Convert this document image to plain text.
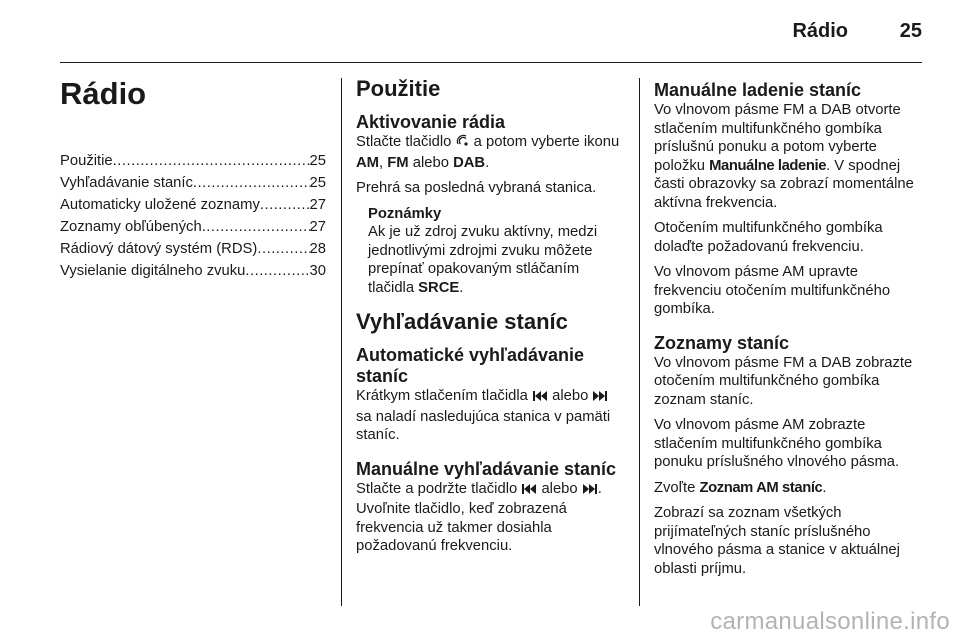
Rádio	25
Rádio
Použitie .....	25
Vyhľadávanie staníc .....	25
Automaticky uložené zoznamy .....	27
Zoznamy obľúbených .....	27
Rádiový dátový systém (RDS) .....	28
Vysielanie digitálneho zvuku .....	30
Použitie
Aktivovanie rádia

Stlačte tlačidlo  a potom vyberte ikonu AM, FM alebo DAB.

Prehrá sa posledná vybraná stanica.

Poznámky

Ak je už zdroj zvuku aktívny, medzi jednotlivými zdrojmi zvuku môžete prepínať opakovaným stláčaním tlačidla SRCE.

Vyhľadávanie staníc
Automatické vyhľadávanie
staníc

Krátkym stlačením tlačidla  alebo  sa naladí nasledujúca stanica v pamäti staníc.

Manuálne vyhľadávanie staníc

Stlačte a podržte tlačidlo  alebo . Uvoľnite tlačidlo, keď zobrazená frekvencia už takmer dosiahla požadovanú frekvenciu.

Manuálne ladenie staníc

Vo vlnovom pásme FM a DAB otvorte stlačením multifunkčného gombíka príslušnú ponuku a potom vyberte položku Manuálne ladenie. V spodnej časti obrazovky sa zobrazí momentálne aktívna frekvencia.

Otočením multifunkčného gombíka dolaďte požadovanú frekvenciu.

Vo vlnovom pásme AM upravte frekvenciu otočením multifunkčného gombíka.

Zoznamy staníc

Vo vlnovom pásme FM a DAB zobrazte otočením multifunkčného gombíka zoznam staníc.

Vo vlnovom pásme AM zobrazte stlačením multifunkčného gombíka ponuku príslušného vlnového pásma.

Zvoľte Zoznam AM staníc.

Zobrazí sa zoznam všetkých prijímateľných staníc príslušného vlnového pásma a stanice v aktuálnej oblasti príjmu.

carmanualsonline.info
